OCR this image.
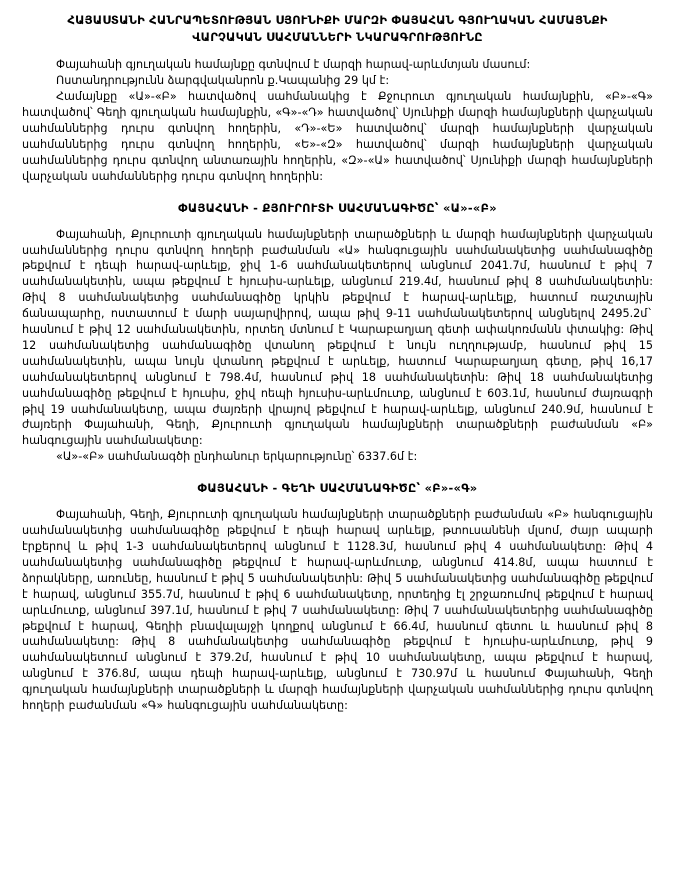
ՀԱՅԱՍՏԱՆԻ ՀԱՆՐԱՊԵՏՈՒԹՅԱՆ ՍՅՈՒՆԻՔԻ ՄԱՐԶԻ ՓԱՅԱՀԱՆ ԳՅՈՒՂԱԿԱՆ ՀԱՄԱՅՆՔԻ
ՎԱՐՉԱԿԱՆ ՍԱՀՄԱՆՆԵՐԻ ՆԿԱՐԱԳՐՈՒԹՅՈՒՆԸ

Փայահանի գյուղական համայնքը գտնվում է մարզի հարավ-արևմտյան մասում:

Ոստանդրությունն ձարգվականրոն ք.Կապանից 29 կմ է:

Համայնքը «Ա»-«Բ» հատվածով սահմանակից է Քջուրուտ գյուղական համայնքին, «Բ»-«Գ» հատվածով՝ Գեղի գյուղական համայնքին, «Գ»-«Դ» հատվածով՝ Սյունիքի մարզի համայնքների վարչական սահմաններից դուրս գտնվող հողերին, «Դ»-«Ե» հատվածով՝ մարզի համայնքների վարչական սահմաններից դուրս գտնվող հողերին, «Ե»-«Զ» հատվածով՝ մարզի համայնքների վարչական սահմաններից դուրս գտնվող անտառային հողերին, «Զ»-«Ա» հատվածով՝ Սյունիքի մարզի համայնքների վարչական սահմաններից դուրս գտնվող հողերին:

ՓԱՅԱՀԱՆԻ - ՔՅՈՒՐՈՒՏԻ ՍԱՀՄԱՆԱԳԻԾԸ՝ «Ա»-«Բ»

Փայահանի, Քյուրուտի գյուղական համայնքների տարածքների և մարզի համայնքների վարչական սահմաններից դուրս գտնվող հողերի բաժանման «Ա» հանգուցային սահմանակետից սահմանագիծը թեքվում է դեպի հարավ-արևելք, ջիվ 1-6 սահմանակետերով անցնում 2041.7մ, հասնում է թիվ 7 սահմանակետին, ապա թեքվում է հյուսիս-արևելք, անցնում 219.4մ, հասնում թիվ 8 սահմանակետին: Թիվ 8 սահմանակետից սահմանագիծը կրկին թեքվում է հարավ-արևելք, հատում ռաշտային ճանապարհը, ոստատում է մարի սայարվիրով, ապա թիվ 9-11 սահմանակետերով անցնելով 2495.2մ` հասնում է թիվ 12 սահմանակետին, որտեղ մտնում է Կարաբաղյաղ գետի ափակոռմանն փտակից: Թիվ 12 սահմանակետից սահմանագիծը վտանող թեքվում է նույն ուղղությամբ, հասնում թիվ 15 սահմանակետին, ապա նույն վտանող թեքվում է արևելք, հատում Կարաբաղյաղ գետը, թիվ 16,17 սահմանակետերով անցնում է 798.4մ, հասնում թիվ 18 սահմանակետին: Թիվ 18 սահմանակետից սահմանագիծը թեքվում է հյուսիս, ջիվ ոեպի հյուսիս-արևմուտք, անցնում է 603.1մ, հասնում ժայռագրի թիվ 19 սահմանակետը, ապա ժայռերի վրայով թեքվում է հարավ-արևելք, անցնում 240.9մ, հասնում է ժայռերի Փայահանի, Գեղի, Քյուրուտի գյուղական համայնքների տարածքների բաժանման «Բ» հանգուցային սահմանակետը:

«Ա»-«Բ» սահմանագծի ընդհանուր երկարությունը՝ 6337.6մ է:

ՓԱՅԱՀԱՆԻ - ԳԵՂԻ ՍԱՀՄԱՆԱԳԻԾԸ՝ «Բ»-«Գ»

Փայահանի, Գեղի, Քյուրուտի գյուղական համայնքների տարածքների բաժանման «Բ» հանգուցային սահմանակետից սահմանագիծը թեքվում է դեպի հարավ արևելք, թտուսանենի մլսոմ, ժայր ապարի էրքերով և թիվ 1-3 սահմանակետերով անցնում է 1128.3մ, հասնում թիվ 4 սահմանակետը: Թիվ 4 սահմանակետից սահմանագիծը թեքվում է հարավ-արևմուտք, անցնում 414.8մ, ապա հատում է ձորակները, առունեը, հասնում է թիվ 5 սահմանակետին: Թիվ 5 սահմանակետից սահմանագիծը թեքվում է հարավ, անցնում 355.7մ, հասնում է թիվ 6 սահմանակետը, որտեղից էլ շրջառումով թեքվում է հարավ արևմուտք, անցնում 397.1մ, հասնում է թիվ 7 սահմանակետը: Թիվ 7 սահմանակետերից սահմանագիծը թեքվում է հարավ, Գեղիի բնավալայջի կողքով անցնում է 66.4մ, հասնում գետու և հասնում թիվ 8 սահմանակետը: Թիվ 8 սահմանակետից սահմանագիծը թեքվում է հյուսիս-արևմուտք, թիվ 9 սահմանակետում անցնում է 379.2մ, հասնում է թիվ 10 սահմանակետը, ապա թեքվում է հարավ, անցնում է 376.8մ, ապա դեպի հարավ-արևելք, անցնում է 730.97մ և հասնում Փայահանի, Գեղի գյուղական համայնքների տարածքների և մարզի համայնքների վարչական սահմաններից դուրս գտնվող հողերի բաժանման «Գ» հանգուցային սահմանակետը:
